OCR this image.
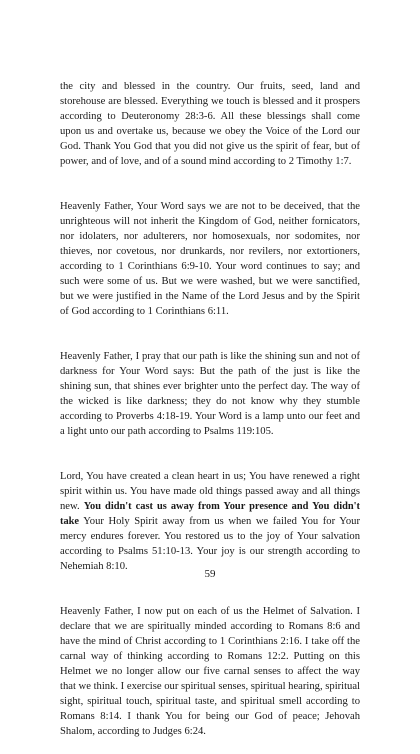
the city and blessed in the country. Our fruits, seed, land and storehouse are blessed. Everything we touch is blessed and it prospers according to Deuteronomy 28:3-6. All these blessings shall come upon us and overtake us, because we obey the Voice of the Lord our God. Thank You God that you did not give us the spirit of fear, but of power, and of love, and of a sound mind according to 2 Timothy 1:7.

Heavenly Father, Your Word says we are not to be deceived, that the unrighteous will not inherit the Kingdom of God, neither fornicators, nor idolaters, nor adulterers, nor homosexuals, nor sodomites, nor thieves, nor covetous, nor drunkards, nor revilers, nor extortioners, according to 1 Corinthians 6:9-10. Your word continues to say; and such were some of us. But we were washed, but we were sanctified, but we were justified in the Name of the Lord Jesus and by the Spirit of God according to 1 Corinthians 6:11.

Heavenly Father, I pray that our path is like the shining sun and not of darkness for Your Word says: But the path of the just is like the shining sun, that shines ever brighter unto the perfect day. The way of the wicked is like darkness; they do not know why they stumble according to Proverbs 4:18-19. Your Word is a lamp unto our feet and a light unto our path according to Psalms 119:105.

Lord, You have created a clean heart in us; You have renewed a right spirit within us. You have made old things passed away and all things new. You didn't cast us away from Your presence and You didn't take Your Holy Spirit away from us when we failed You for Your mercy endures forever. You restored us to the joy of Your salvation according to Psalms 51:10-13. Your joy is our strength according to Nehemiah 8:10.

Heavenly Father, I now put on each of us the Helmet of Salvation. I declare that we are spiritually minded according to Romans 8:6 and have the mind of Christ according to 1 Corinthians 2:16. I take off the carnal way of thinking according to Romans 12:2. Putting on this Helmet we no longer allow our five carnal senses to affect the way that we think. I exercise our spiritual senses, spiritual hearing, spiritual sight, spiritual touch, spiritual taste, and spiritual smell according to Romans 8:14. I thank You for being our God of peace; Jehovah Shalom, according to Judges 6:24.

59
